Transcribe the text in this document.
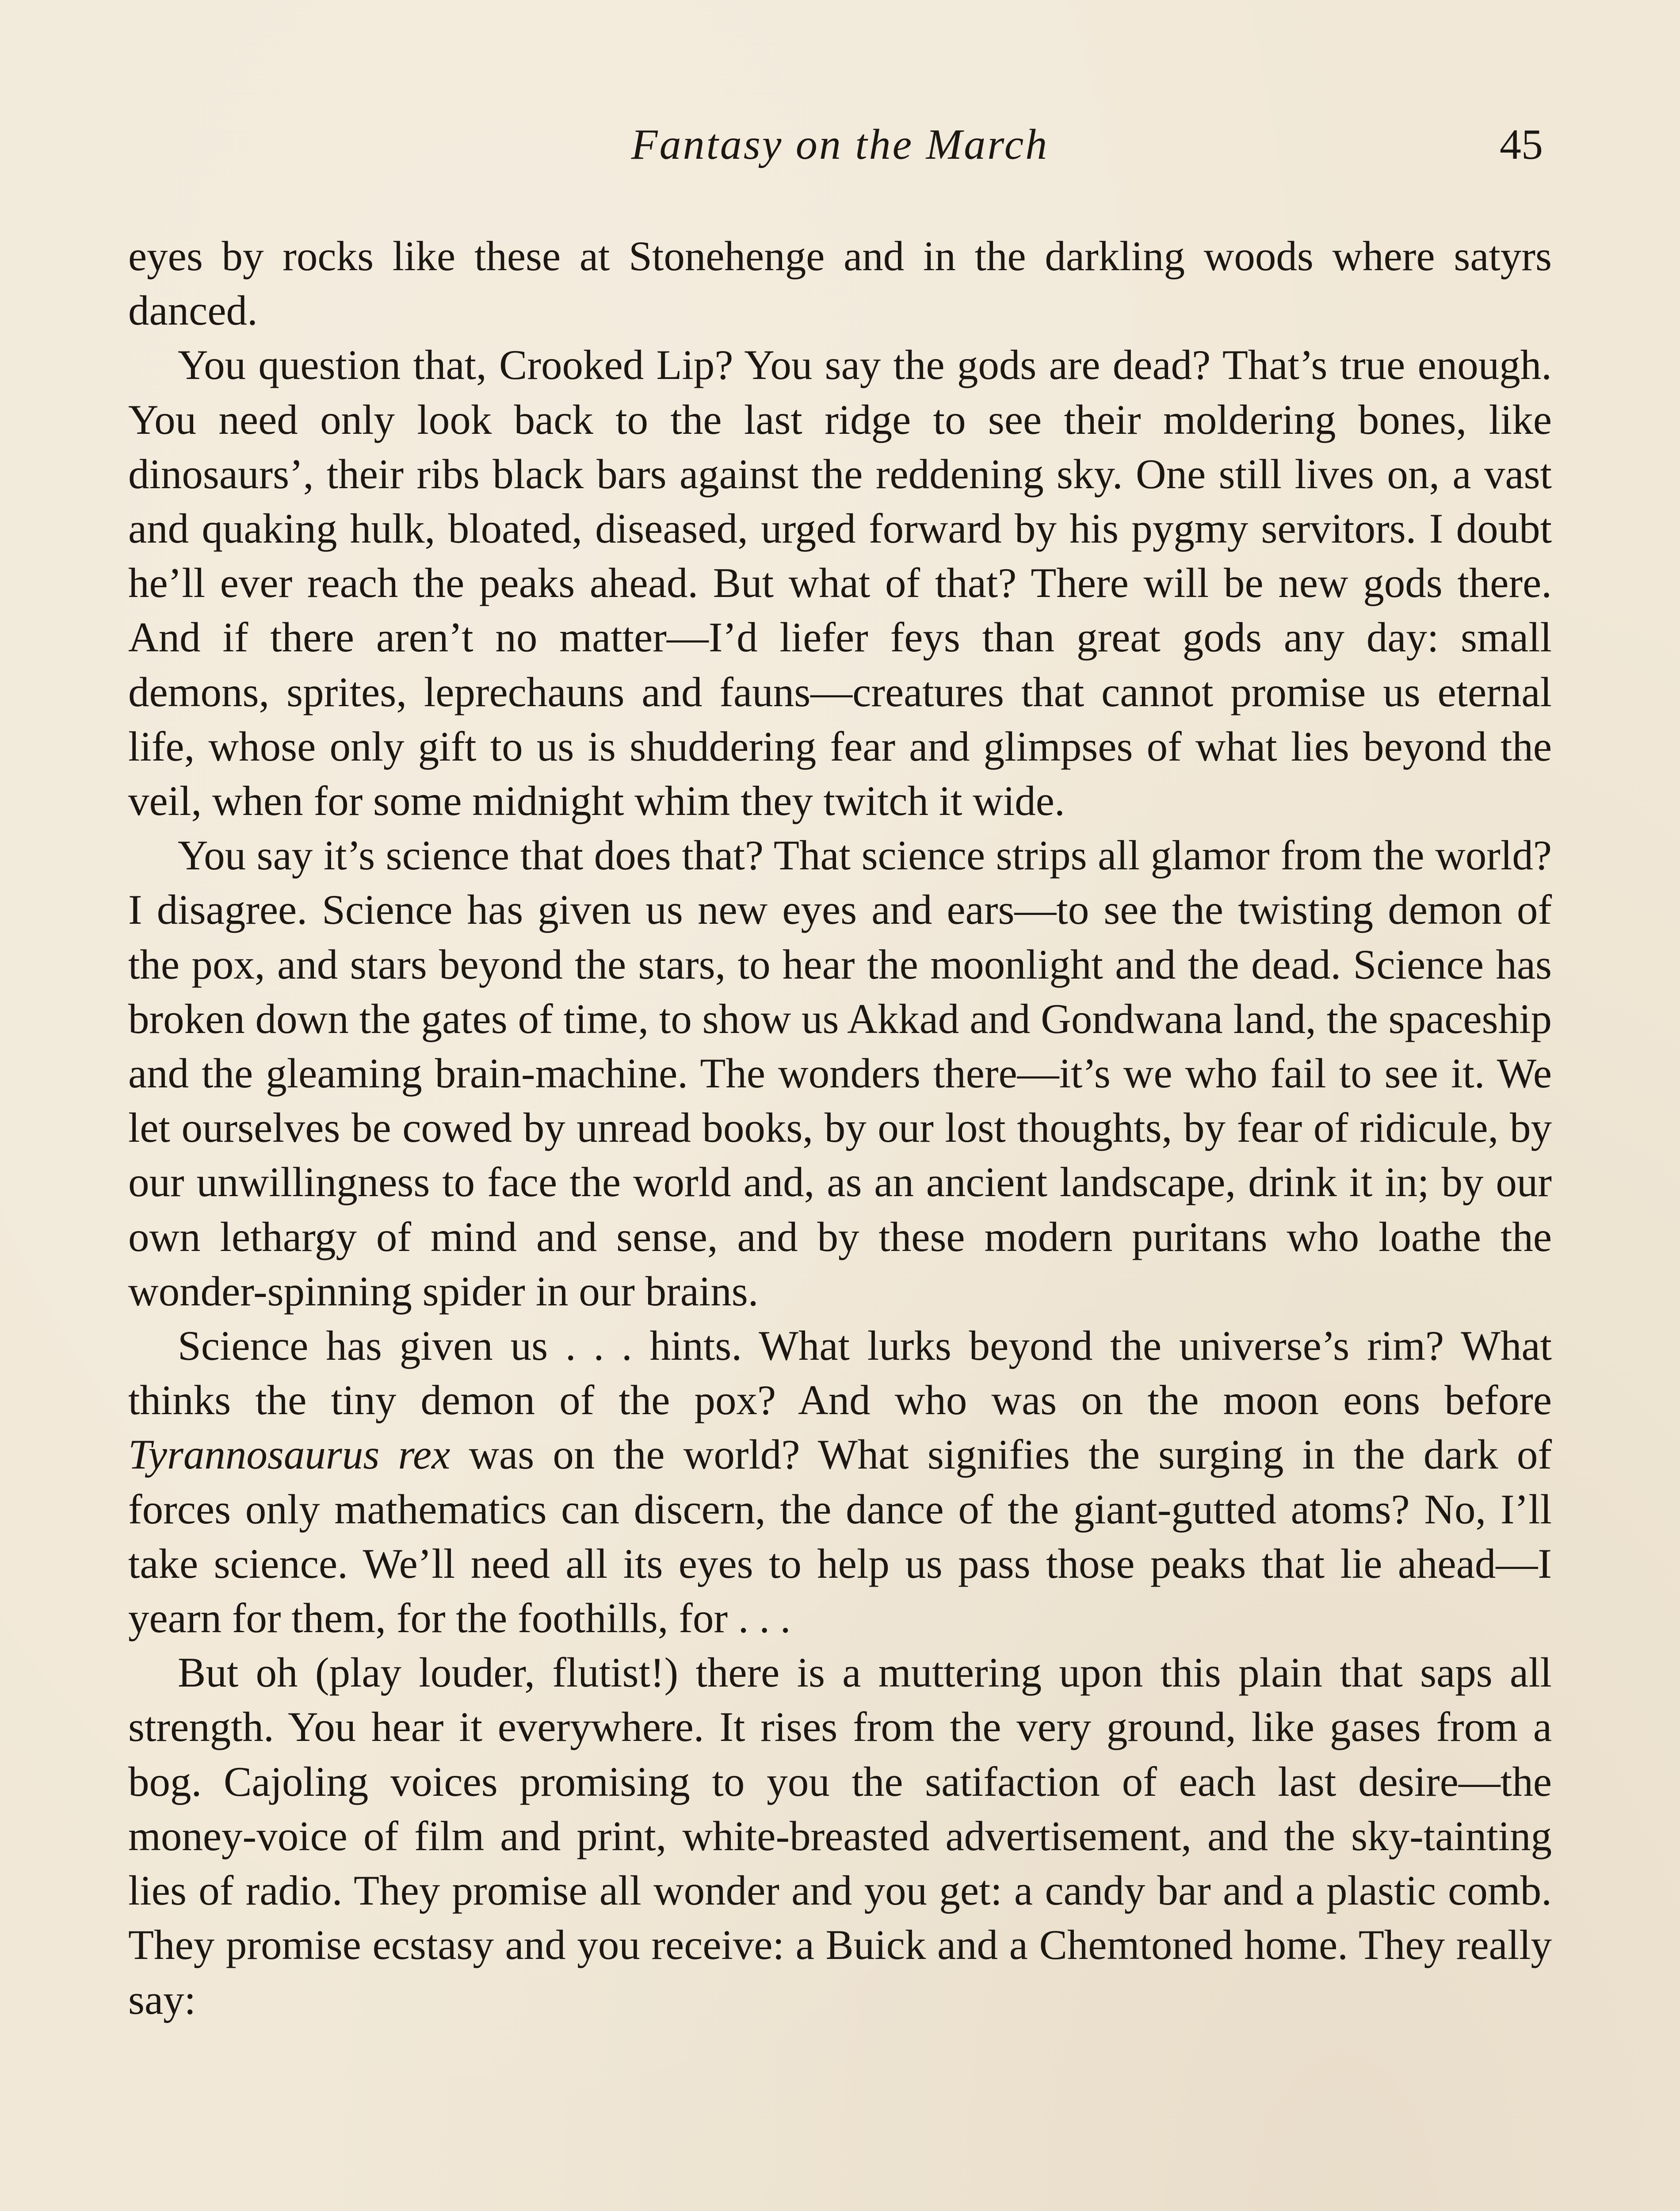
Fantasy on the March	45

eyes by rocks like these at Stonehenge and in the darkling woods where satyrs danced.

You question that, Crooked Lip? You say the gods are dead? That’s true enough. You need only look back to the last ridge to see their moldering bones, like dinosaurs’, their ribs black bars against the reddening sky. One still lives on, a vast and quaking hulk, bloated, diseased, urged forward by his pygmy servitors. I doubt he’ll ever reach the peaks ahead. But what of that? There will be new gods there. And if there aren’t no matter—I’d liefer feys than great gods any day: small demons, sprites, leprechauns and fauns—creatures that cannot promise us eternal life, whose only gift to us is shuddering fear and glimpses of what lies beyond the veil, when for some midnight whim they twitch it wide.

You say it’s science that does that? That science strips all glamor from the world? I disagree. Science has given us new eyes and ears—to see the twisting demon of the pox, and stars beyond the stars, to hear the moonlight and the dead. Science has broken down the gates of time, to show us Akkad and Gondwana land, the spaceship and the gleaming brain-machine. The wonders there—it’s we who fail to see it. We let ourselves be cowed by unread books, by our lost thoughts, by fear of ridicule, by our unwillingness to face the world and, as an ancient landscape, drink it in; by our own lethargy of mind and sense, and by these modern puritans who loathe the wonder-spinning spider in our brains.

Science has given us . . . hints. What lurks beyond the universe’s rim? What thinks the tiny demon of the pox? And who was on the moon eons before Tyrannosaurus rex was on the world? What signifies the surging in the dark of forces only mathematics can discern, the dance of the giant-gutted atoms? No, I’ll take science. We’ll need all its eyes to help us pass those peaks that lie ahead—I yearn for them, for the foothills, for . . .

But oh (play louder, flutist!) there is a muttering upon this plain that saps all strength. You hear it everywhere. It rises from the very ground, like gases from a bog. Cajoling voices promising to you the satifaction of each last desire—the money-voice of film and print, white-breasted advertisement, and the sky-tainting lies of radio. They promise all wonder and you get: a candy bar and a plastic comb. They promise ecstasy and you receive: a Buick and a Chemtoned home. They really say:
